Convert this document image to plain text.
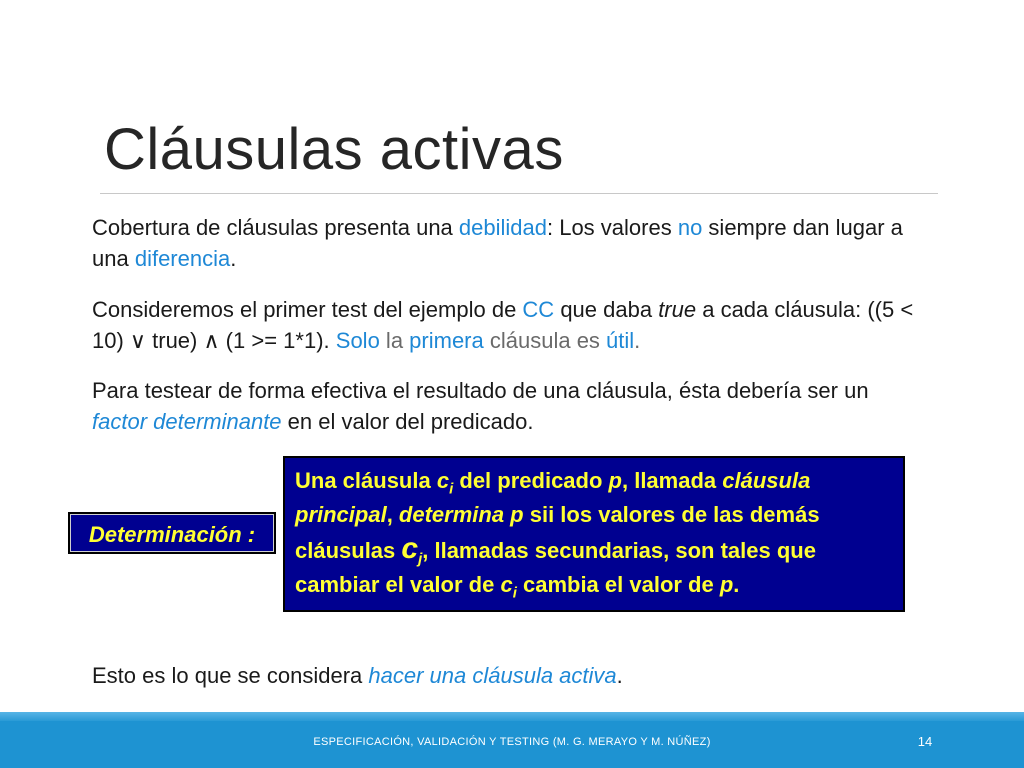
Cláusulas activas

Cobertura de cláusulas presenta una debilidad: Los valores no siempre dan lugar a una diferencia.

Consideremos el primer test del ejemplo de CC que daba true a cada cláusula: ((5 < 10) ∨ true) ∧ (1 >= 1*1). Solo la primera cláusula es útil.

Para testear de forma efectiva el resultado de una cláusula, ésta debería ser un factor determinante en el valor del predicado.

Determinación :
Una cláusula $c_i$ del predicado p, llamada cláusula principal, determina p sii los valores de las demás cláusulas $c_j$, llamadas secundarias, son tales que cambiar el valor de $c_i$ cambia el valor de p.

Esto es lo que se considera hacer una cláusula activa.

ESPECIFICACIÓN, VALIDACIÓN Y TESTING (M. G. MERAYO Y M. NÚÑEZ)	14
